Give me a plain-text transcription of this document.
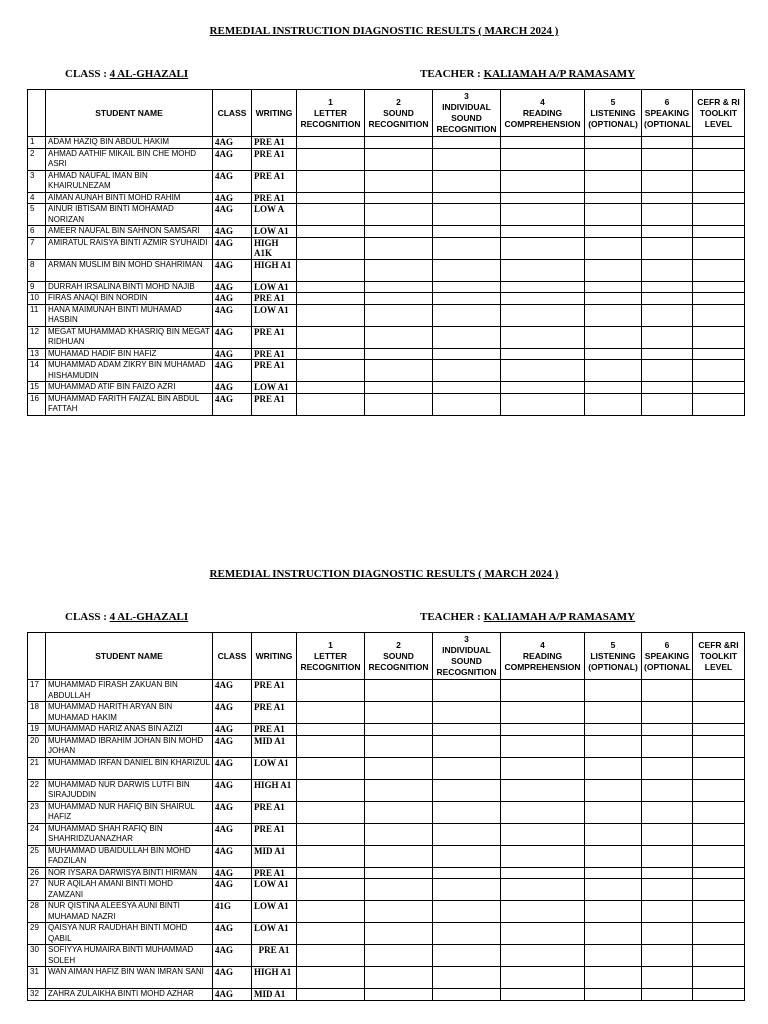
REMEDIAL INSTRUCTION DIAGNOSTIC RESULTS ( MARCH 2024 )
CLASS : 4 AL-GHAZALI	TEACHER : KALIAMAH A/P RAMASAMY
	STUDENT NAME	CLASS	WRITING	1
LETTER
RECOGNITION	2
SOUND
RECOGNITION	3
INDIVIDUAL
SOUND
RECOGNITION	4
READING
COMPREHENSION	5
LISTENING
(OPTIONAL)	6
SPEAKING
(OPTIONAL	CEFR & RI
TOOLKIT
LEVEL
1	ADAM HAZIQ BIN ABDUL HAKIM	4AG	PRE A1							
2	AHMAD AATHIF MIKAIL BIN CHE MOHD ASRI	4AG	PRE A1							
3	AHMAD NAUFAL IMAN BIN KHAIRULNEZAM	4AG	PRE A1							
4	AIMAN AUNAH BINTI MOHD RAHIM	4AG	PRE A1							
5	AINUR IBTISAM BINTI MOHAMAD NORIZAN	4AG	LOW A							
6	AMEER NAUFAL BIN SAHNON SAMSARI	4AG	LOW A1							
7	AMIRATUL RAISYA BINTI AZMIR SYUHAIDI	4AG	HIGH A1K							
8	ARMAN MUSLIM BIN MOHD SHAHRIMAN	4AG	HIGH A1							
9	DURRAH IRSALINA BINTI MOHD NAJIB	4AG	LOW A1							
10	FIRAS ANAQI BIN NORDIN	4AG	PRE A1							
11	HANA MAIMUNAH BINTI MUHAMAD HASBIN	4AG	LOW A1							
12	MEGAT MUHAMMAD KHASRIQ BIN MEGAT RIDHUAN	4AG	PRE A1							
13	MUHAMAD HADIF BIN HAFIZ	4AG	PRE A1							
14	MUHAMMAD ADAM ZIKRY BIN MUHAMAD HISHAMUDIN	4AG	PRE A1							
15	MUHAMMAD ATIF BIN FAIZO AZRI	4AG	LOW A1							
16	MUHAMMAD FARITH FAIZAL BIN ABDUL FATTAH	4AG	PRE A1							
REMEDIAL INSTRUCTION DIAGNOSTIC RESULTS ( MARCH 2024 )
CLASS : 4 AL-GHAZALI	TEACHER : KALIAMAH A/P RAMASAMY
	STUDENT NAME	CLASS	WRITING	1
LETTER
RECOGNITION	2
SOUND
RECOGNITION	3
INDIVIDUAL
SOUND
RECOGNITION	4
READING
COMPREHENSION	5
LISTENING
(OPTIONAL)	6
SPEAKING
(OPTIONAL	CEFR &RI
TOOLKIT
LEVEL
17	MUHAMMAD FIRASH ZAKUAN BIN ABDULLAH	4AG	PRE A1							
18	MUHAMMAD HARITH ARYAN BIN MUHAMAD HAKIM	4AG	PRE A1							
19	MUHAMMAD HARIZ ANAS BIN AZIZI	4AG	PRE A1							
20	MUHAMMAD IBRAHIM JOHAN BIN MOHD JOHAN	4AG	MID A1							
21	MUHAMMAD IRFAN DANIEL BIN KHARIZUL	4AG	LOW A1							
22	MUHAMMAD NUR DARWIS LUTFI BIN SIRAJUDDIN	4AG	HIGH A1							
23	MUHAMMAD NUR HAFIQ BIN SHAIRUL HAFIZ	4AG	PRE A1							
24	MUHAMMAD SHAH RAFIQ BIN SHAHRIDZUANAZHAR	4AG	PRE A1							
25	MUHAMMAD UBAIDULLAH BIN MOHD FADZILAN	4AG	MID A1							
26	NOR IYSARA DARWISYA BINTI HIRMAN	4AG	PRE A1							
27	NUR AQILAH AMANI BINTI MOHD ZAMZANI	4AG	LOW A1							
28	NUR QISTINA ALEESYA AUNI BINTI MUHAMAD NAZRI	41G	LOW A1							
29	QAISYA NUR RAUDHAH BINTI MOHD QABIL	4AG	LOW A1							
30	SOFIYYA HUMAIRA BINTI MUHAMMAD SOLEH	4AG	PRE A1							
31	WAN AIMAN HAFIZ BIN WAN IMRAN SANI	4AG	HIGH A1							
32	ZAHRA ZULAIKHA BINTI MOHD AZHAR	4AG	MID A1							
